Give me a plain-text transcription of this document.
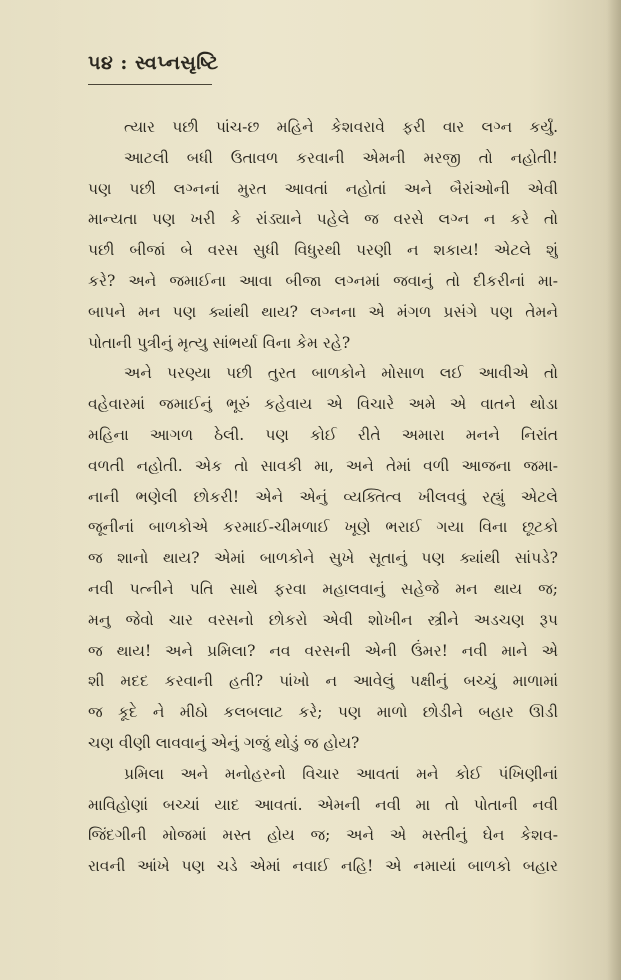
૫૪ : સ્વપ્નસૃષ્ટિ
ત્યાર પછી પાંચ-છ મહિને કેશવરાવે ફરી વાર લગ્ન કર્યું.
આટલી બધી ઉતાવળ કરવાની એમની મરજી તો નહોતી!
પણ પછી લગ્નનાં મુરત આવતાં નહોતાં અને બૈરાંઓની એવી
માન્યતા પણ ખરી કે રાંડ્યાને પહેલે જ વરસે લગ્ન ન કરે તો
પછી બીજાં બે વરસ સુધી વિધુરથી પરણી ન શકાય! એટલે શું
કરે? અને જમાઈના આવા બીજા લગ્નમાં જવાનું તો દીકરીનાં મા-
બાપને મન પણ ક્યાંથી થાય? લગ્નના એ મંગળ પ્રસંગે પણ તેમને
પોતાની પુત્રીનું મૃત્યુ સાંભર્યા વિના કેમ રહે?
અને પરણ્યા પછી તુરત બાળકોને મોસાળ લઈ આવીએ તો
વહેવારમાં જમાઈનું ભૂરું કહેવાય એ વિચારે અમે એ વાતને થોડા
મહિના આગળ ઠેલી. પણ કોઈ રીતે અમારા મનને નિરાંત
વળતી નહોતી. એક તો સાવકી મા, અને તેમાં વળી આજના જમા-
નાની ભણેલી છોકરી! એને એનું વ્યક્તિત્વ ખીલવવું રહ્યું એટલે
જૂનીનાં બાળકોએ કરમાઈ-ચીમળાઈ ખૂણે ભરાઈ ગયા વિના છૂટકો
જ શાનો થાય? એમાં બાળકોને સુખે સૂતાનું પણ ક્યાંથી સાંપડે?
નવી પત્નીને પતિ સાથે ફરવા મહાલવાનું સહેજે મન થાય જ;
મનુ જેવો ચાર વરસનો છોકરો એવી શોખીન સ્ત્રીને અડચણ રૂપ
જ થાય! અને પ્રમિલા? નવ વરસની એની ઉંમર! નવી માને એ
શી મદદ કરવાની હતી? પાંખો ન આવેલું પક્ષીનું બચ્ચું માળામાં
જ કૂદે ને મીઠો કલબલાટ કરે; પણ માળો છોડીને બહાર ઊડી
ચણ વીણી લાવવાનું એનું ગજું થોડું જ હોય?
પ્રમિલા અને મનોહરનો વિચાર આવતાં મને કોઈ પંખિણીનાં
માવિહોણાં બચ્ચાં યાદ આવતાં. એમની નવી મા તો પોતાની નવી
જિંદગીની મોજમાં મસ્ત હોય જ; અને એ મસ્તીનું ઘેન કેશવ-
રાવની આંખે પણ ચડે એમાં નવાઈ નહિ! એ નમાયાં બાળકો બહાર
